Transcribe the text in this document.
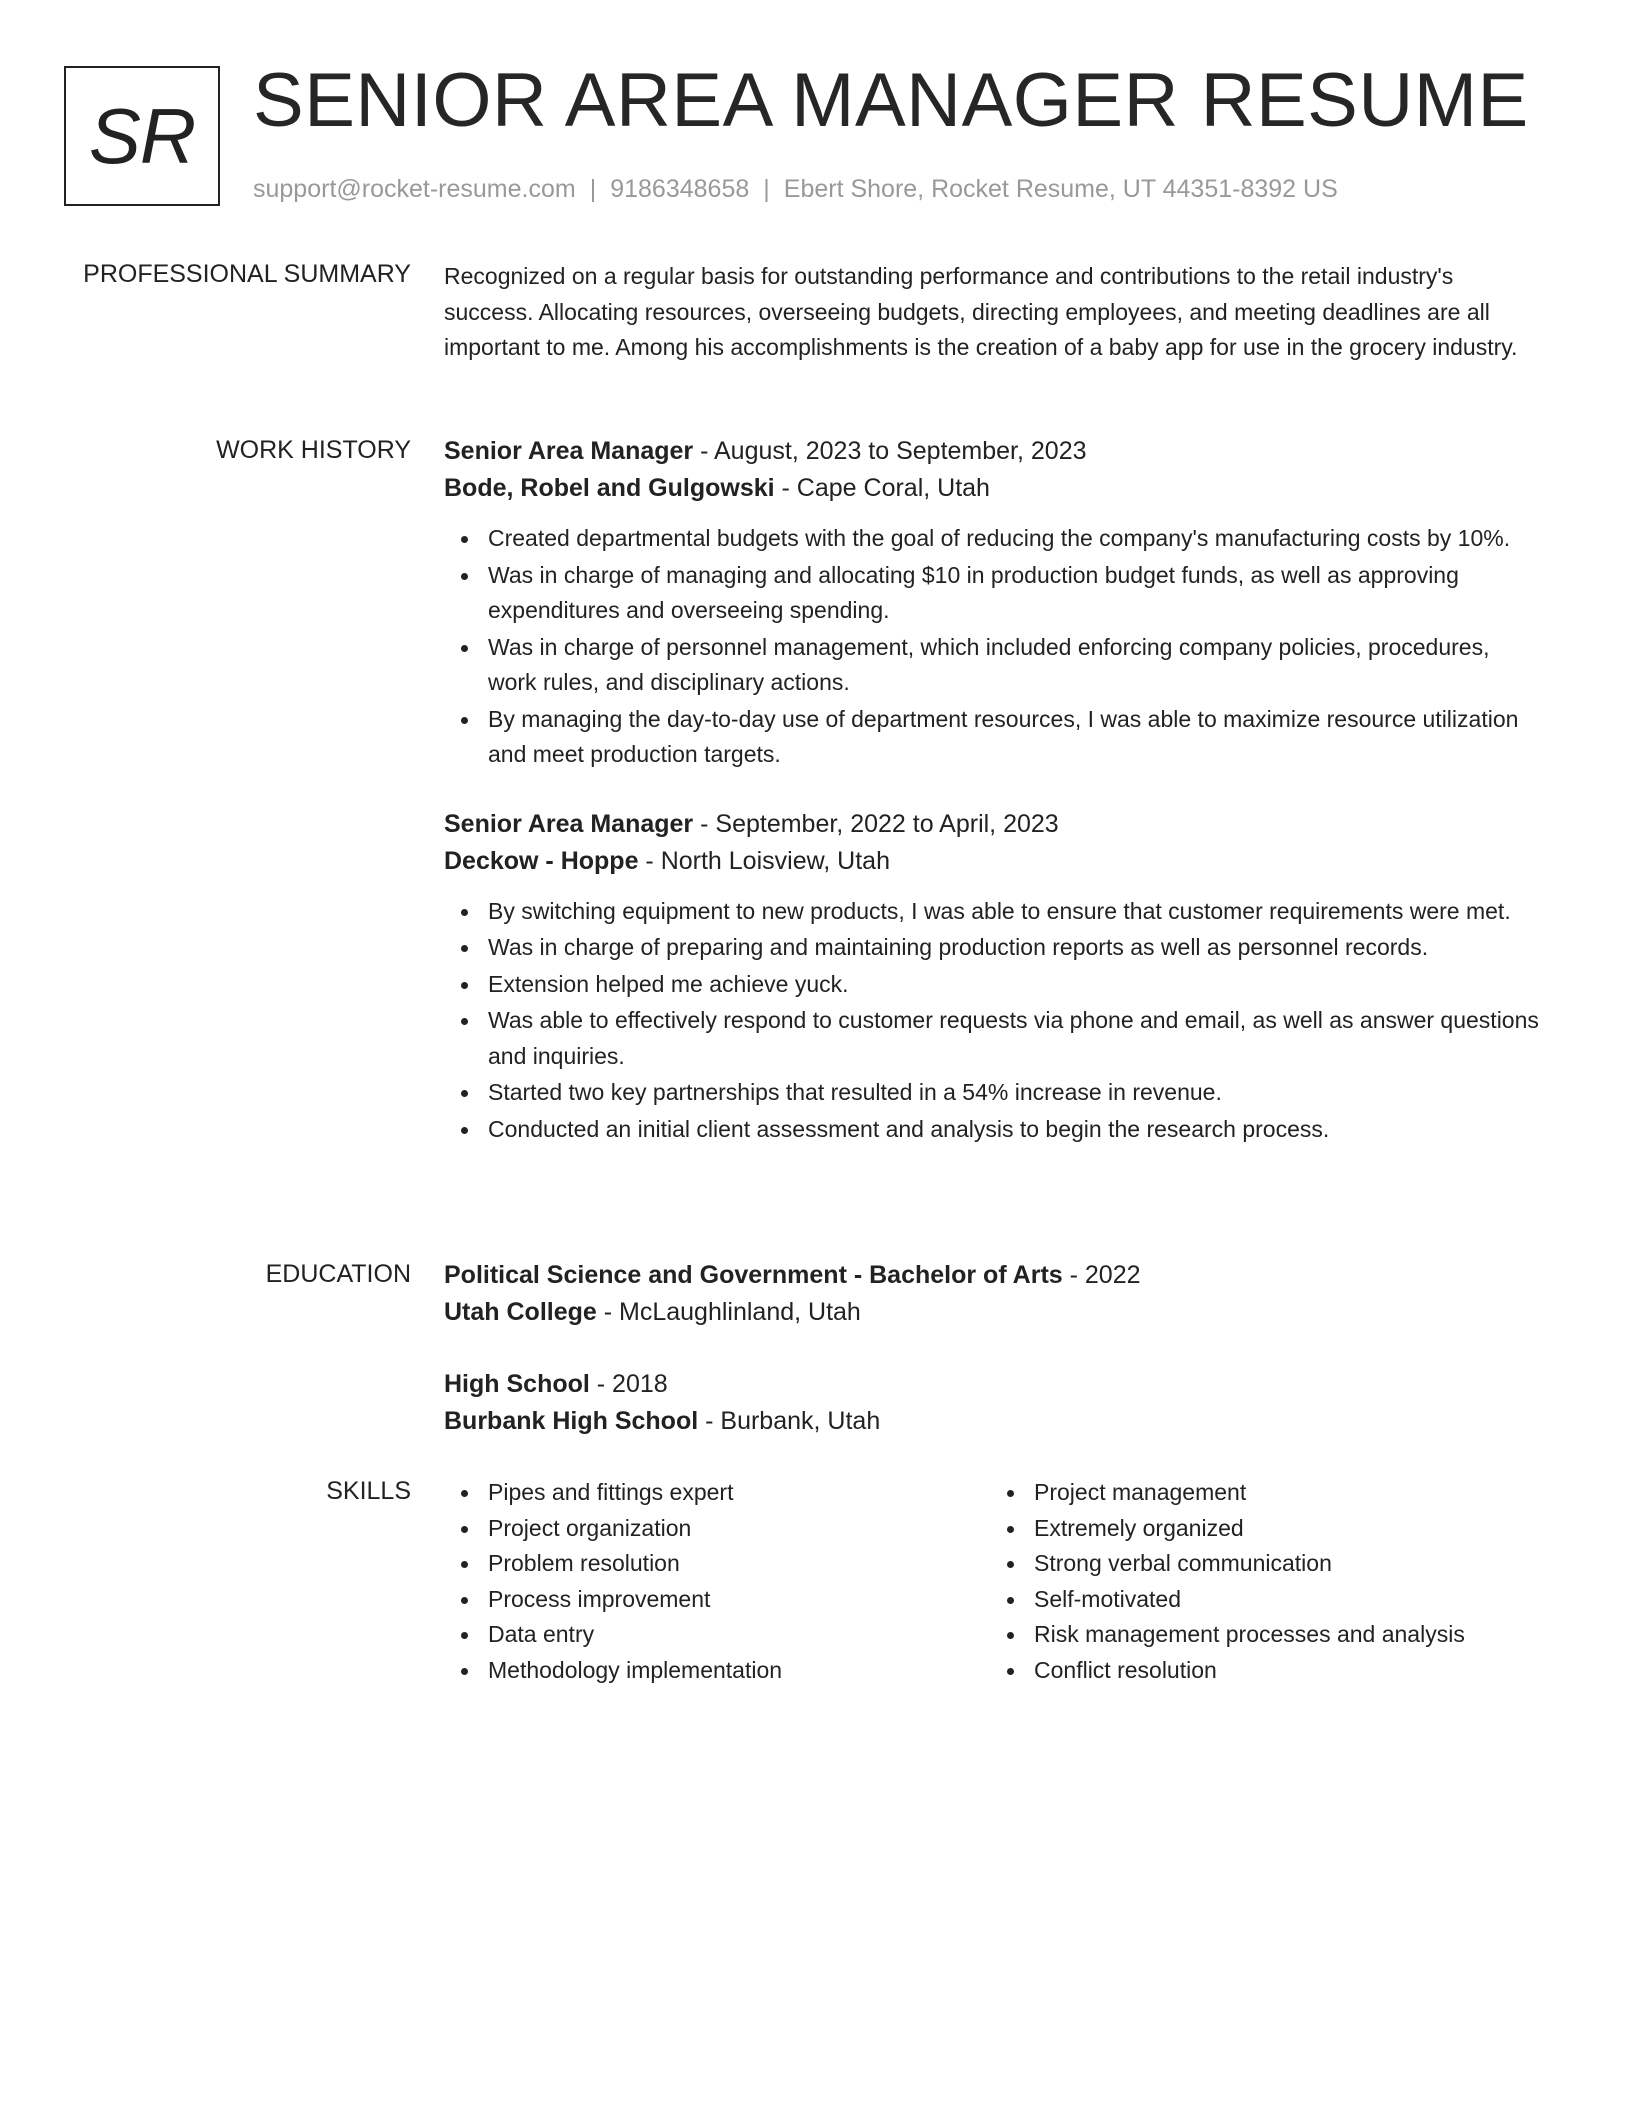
SR SENIOR AREA MANAGER RESUME
support@rocket-resume.com | 9186348658 | Ebert Shore, Rocket Resume, UT 44351-8392 US
PROFESSIONAL SUMMARY Recognized on a regular basis for outstanding performance and contributions to the retail industry's success. Allocating resources, overseeing budgets, directing employees, and meeting deadlines are all important to me. Among his accomplishments is the creation of a baby app for use in the grocery industry.

WORK HISTORY Senior Area Manager - August, 2023 to September, 2023
Bode, Robel and Gulgowski - Cape Coral, Utah
Created departmental budgets with the goal of reducing the company's manufacturing costs by 10%.
Was in charge of managing and allocating $10 in production budget funds, as well as approving expenditures and overseeing spending.
Was in charge of personnel management, which included enforcing company policies, procedures, work rules, and disciplinary actions.
By managing the day-to-day use of department resources, I was able to maximize resource utilization and meet production targets.
Senior Area Manager - September, 2022 to April, 2023
Deckow - Hoppe - North Loisview, Utah
By switching equipment to new products, I was able to ensure that customer requirements were met.
Was in charge of preparing and maintaining production reports as well as personnel records.
Extension helped me achieve yuck.
Was able to effectively respond to customer requests via phone and email, as well as answer questions and inquiries.
Started two key partnerships that resulted in a 54% increase in revenue.
Conducted an initial client assessment and analysis to begin the research process.
EDUCATION Political Science and Government - Bachelor of Arts - 2022
Utah College - McLaughlinland, Utah
High School - 2018
Burbank High School - Burbank, Utah
SKILLS	Pipes and fittings expert
Project organization
Problem resolution
Process improvement
Data entry
Methodology implementation
Project management
Extremely organized
Strong verbal communication
Self-motivated
Risk management processes and analysis
Conflict resolution
